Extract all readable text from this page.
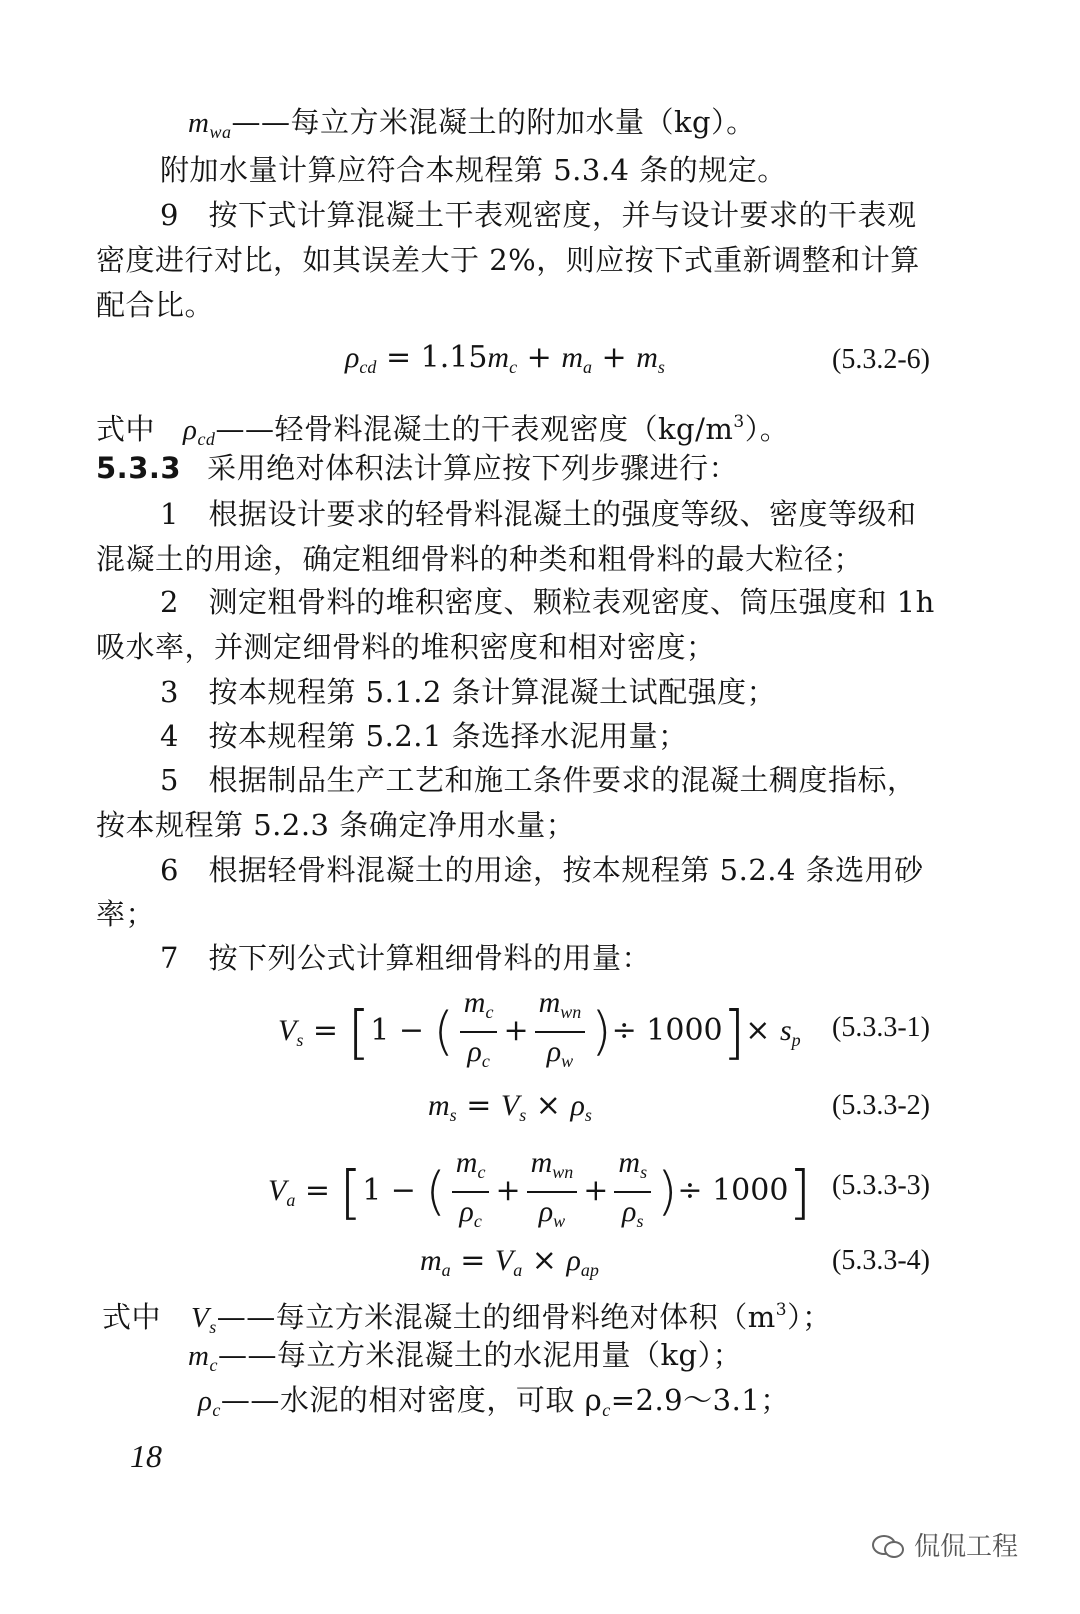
$m_{wa}——$每立方米混凝土的附加水量（kg）。
附加水量计算应符合本规程第 5.3.4 条的规定。
9　按下式计算混凝土干表观密度，并与设计要求的干表观
密度进行对比，如其误差大于 2%，则应按下式重新调整和计算
配合比。
$\rho_{cd} = 1.15m_c + m_a + m_s$	(5.3.2-6)
式中 $\rho_{cd}——$轻骨料混凝土的干表观密度$(kg/m^3)$。
5.3.3 采用绝对体积法计算应按下列步骤进行：
1　根据设计要求的轻骨料混凝土的强度等级、密度等级和
混凝土的用途，确定粗细骨料的种类和粗骨料的最大粒径；
2　测定粗骨料的堆积密度、颗粒表观密度、筒压强度和 1h
吸水率，并测定细骨料的堆积密度和相对密度；
3　按本规程第 5.1.2 条计算混凝土试配强度；
4　按本规程第 5.2.1 条选择水泥用量；
5　根据制品生产工艺和施工条件要求的混凝土稠度指标，
按本规程第 5.2.3 条确定净用水量；
6　根据轻骨料混凝土的用途，按本规程第 5.2.4 条选用砂
率；
7　按下列公式计算粗细骨料的用量：
$V_s = [1$ − ( $\frac{m_c}{\rho_c} + \frac{m_{wn}}{\rho_w}$ )÷ $1000]\times s_p$ (5.3.3-1)
$m_s = V_s \times \rho_s$	(5.3.3-2)
$V_a = [1$ − ( $\frac{m_c}{\rho_c} + \frac{m_{wn}}{\rho_w} + \frac{m_s}{\rho_s}$ )÷ 1000] (5.3.3-3)
$m_a = V_a \times \rho_{ap}$	(5.3.3-4)
式中 $V_s——$每立方米混凝土的细骨料绝对体积$(m^3)$；
$m_c——$每立方米混凝土的水泥用量（kg）；
$\rho_c——$水泥的相对密度，可取 $\rho_c=2.9\sim 3.1$；
18
侃侃工程
